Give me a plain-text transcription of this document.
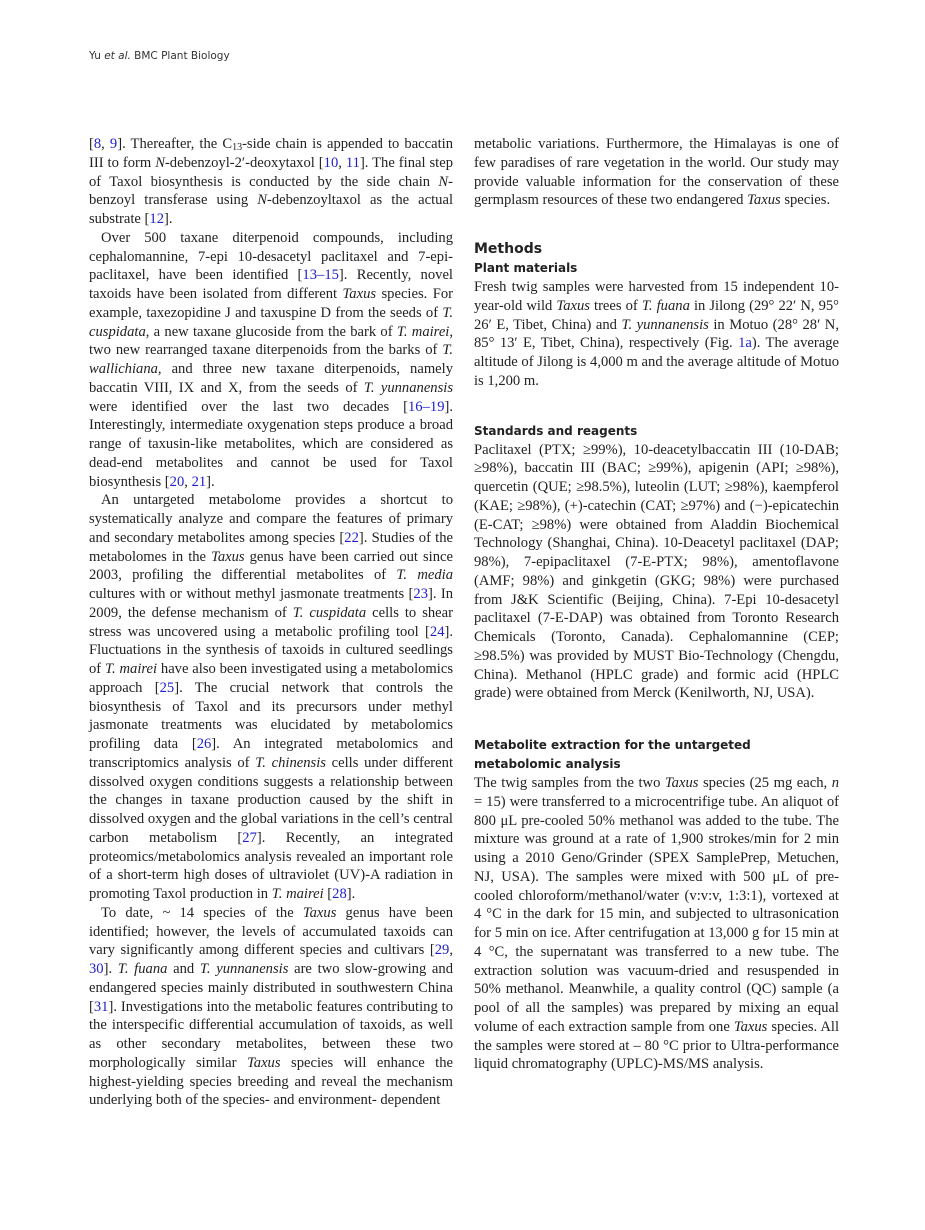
Yu et al. BMC Plant Biology

[8, 9]. Thereafter, the $C_{13}$-side chain is appended to baccatin III to form N-debenzoyl-2′-deoxytaxol [10, 11]. The final step of Taxol biosynthesis is conducted by the side chain N-benzoyl transferase using N-debenzoyltaxol as the actual substrate [12].

Over 500 taxane diterpenoid compounds, including cephalomannine, 7-epi 10-desacetyl paclitaxel and 7-epi-paclitaxel, have been identified [13–15]. Recently, novel taxoids have been isolated from different Taxus species. For example, taxezopidine J and taxuspine D from the seeds of T. cuspidata, a new taxane glucoside from the bark of T. mairei, two new rearranged taxane diterpenoids from the barks of T. wallichiana, and three new taxane diterpenoids, namely baccatin VIII, IX and X, from the seeds of T. yunnanensis were identified over the last two decades [16–19]. Interestingly, intermediate oxygenation steps produce a broad range of taxusin-like metabolites, which are considered as dead-end metabolites and cannot be used for Taxol biosynthesis [20, 21].

An untargeted metabolome provides a shortcut to systematically analyze and compare the features of primary and secondary metabolites among species [22]. Studies of the metabolomes in the Taxus genus have been carried out since 2003, profiling the differential metabolites of T. media cultures with or without methyl jasmonate treatments [23]. In 2009, the defense mechanism of T. cuspidata cells to shear stress was uncovered using a metabolic profiling tool [24]. Fluctuations in the synthesis of taxoids in cultured seedlings of T. mairei have also been investigated using a metabolomics approach [25]. The crucial network that controls the biosynthesis of Taxol and its precursors under methyl jasmonate treatments was elucidated by metabolomics profiling data [26]. An integrated metabolomics and transcriptomics analysis of T. chinensis cells under different dissolved oxygen conditions suggests a relationship between the changes in taxane production caused by the shift in dissolved oxygen and the global variations in the cell’s central carbon metabolism [27]. Recently, an integrated proteomics/metabolomics analysis revealed an important role of a short-term high doses of ultraviolet (UV)-A radiation in promoting Taxol production in T. mairei [28].

To date, ~ 14 species of the Taxus genus have been identified; however, the levels of accumulated taxoids can vary significantly among different species and cultivars [29, 30]. T. fuana and T. yunnanensis are two slow-growing and endangered species mainly distributed in southwestern China [31]. Investigations into the metabolic features contributing to the interspecific differential accumulation of taxoids, as well as other secondary metabolites, between these two morphologically similar Taxus species will enhance the highest-yielding species breeding and reveal the mechanism underlying both of the species- and environment- dependent

metabolic variations. Furthermore, the Himalayas is one of few paradises of rare vegetation in the world. Our study may provide valuable information for the conservation of these germplasm resources of these two endangered Taxus species.

Methods
Plant materials

Fresh twig samples were harvested from 15 independent 10-year-old wild Taxus trees of T. fuana in Jilong (29° 22′ N, 95° 26′ E, Tibet, China) and T. yunnanensis in Motuo (28° 28′ N, 85° 13′ E, Tibet, China), respectively (Fig. 1a). The average altitude of Jilong is 4,000 m and the average altitude of Motuo is 1,200 m.

Standards and reagents

Paclitaxel (PTX; ≥99%), 10-deacetylbaccatin III (10-DAB; ≥98%), baccatin III (BAC; ≥99%), apigenin (API; ≥98%), quercetin (QUE; ≥98.5%), luteolin (LUT; ≥98%), kaempferol (KAE; ≥98%), (+)-catechin (CAT; ≥97%) and (−)-epicatechin (E-CAT; ≥98%) were obtained from Aladdin Biochemical Technology (Shanghai, China). 10-Deacetyl paclitaxel (DAP; 98%), 7-epipaclitaxel (7-E-PTX; 98%), amentoflavone (AMF; 98%) and ginkgetin (GKG; 98%) were purchased from J&K Scientific (Beijing, China). 7-Epi 10-desacetyl paclitaxel (7-E-DAP) was obtained from Toronto Research Chemicals (Toronto, Canada). Cephalomannine (CEP; ≥98.5%) was provided by MUST Bio-Technology (Chengdu, China). Methanol (HPLC grade) and formic acid (HPLC grade) were obtained from Merck (Kenilworth, NJ, USA).

Metabolite extraction for the untargeted metabolomic analysis

The twig samples from the two Taxus species (25 mg each, n = 15) were transferred to a microcentrifige tube. An aliquot of 800 μL pre-cooled 50% methanol was added to the tube. The mixture was ground at a rate of 1,900 strokes/min for 2 min using a 2010 Geno/Grinder (SPEX SamplePrep, Metuchen, NJ, USA). The samples were mixed with 500 μL of pre-cooled chloroform/methanol/water (v:v:v, 1:3:1), vortexed at 4 °C in the dark for 15 min, and subjected to ultrasonication for 5 min on ice. After centrifugation at 13,000 g for 15 min at 4 °C, the supernatant was transferred to a new tube. The extraction solution was vacuum-dried and resuspended in 50% methanol. Meanwhile, a quality control (QC) sample (a pool of all the samples) was prepared by mixing an equal volume of each extraction sample from one Taxus species. All the samples were stored at – 80 °C prior to Ultra-performance liquid chromatography (UPLC)-MS/MS analysis.
